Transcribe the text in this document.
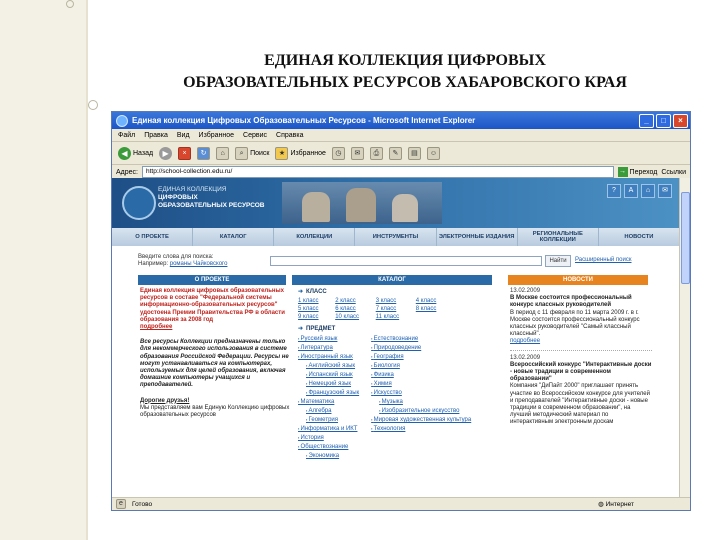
ЕДИНАЯ КОЛЛЕКЦИЯ ЦИФРОВЫХ
ОБРАЗОВАТЕЛЬНЫХ РЕСУРСОВ ХАБАРОВСКОГО КРАЯ
Единая коллекция Цифровых Образовательных Ресурсов - Microsoft Internet Explorer	_	□	×
Файл Правка Вид Избранное Сервис Справка
◀ Назад	▶	×	↻	⌂	⌕ Поиск	★ Избранное	◷	✉	⎙	✎	▤	☺
Адрес:	http://school-collection.edu.ru/	→ Переход Ссылки
ЕДИНАЯ КОЛЛЕКЦИЯ
ЦИФРОВЫХ
ОБРАЗОВАТЕЛЬНЫХ РЕСУРСОВ
?	A	⌂	✉
О ПРОЕКТЕ	КАТАЛОГ	КОЛЛЕКЦИИ	ИНСТРУМЕНТЫ	ЭЛЕКТРОННЫЕ ИЗДАНИЯ
РЕГИОНАЛЬНЫЕ КОЛЛЕКЦИИ
НОВОСТИ
Введите слова для поиска:
Например: романы Чайковского	Найти	Расширенный поиск
О ПРОЕКТЕ	КАТАЛОГ	НОВОСТИ
Единая коллекция цифровых образовательных ресурсов в составе "Федеральной системы информационно-образовательных ресурсов" удостоена Премии Правительства РФ в области образования за 2008 год
подробнее
Все ресурсы Коллекции предназначены только для некоммерческого использования в системе образования Российской Федерации. Ресурсы не могут устанавливаться на компьютерах, используемых для целей образования, включая домашние компьютеры учащихся и преподавателей.
Дорогие друзья!
Мы представляем вам Единую Коллекцию цифровых образовательных ресурсов
➜ КЛАСС
1 класс	2 класс	3 класс	4 класс
5 класс	6 класс	7 класс	8 класс
9 класс	10 класс	11 класс
➜ ПРЕДМЕТ
▪ Русский язык
▪ Литература
▪ Иностранный язык
▪ Английский язык
▪ Испанский язык
▪ Немецкий язык
▪ Французский язык
▪ Математика
▪ Алгебра
▪ Геометрия
▪ Информатика и ИКТ
▪ История
▪ Обществознание
▪ Экономика
▪ Естествознание
▪ Природоведение
▪ География
▪ Биология
▪ Физика
▪ Химия
▪ Искусство
▪ Музыка
▪ Изобразительное искусство
▪ Мировая художественная культура
▪ Технология
13.02.2009
В Москве состоится профессиональный конкурс классных руководителей
В период с 11 февраля по 11 марта 2009 г. в г. Москве состоится профессиональный конкурс классных руководителей "Самый классный классный".
подробнее
13.02.2009
Всероссийский конкурс "Интерактивные доски - новые традиции в современном образовании"
Компания "ДиПайт 2000" приглашает принять участие во Всероссийском конкурсе для учителей и преподавателей "Интерактивные доски - новые традиции в современном образовании", на лучший методический материал по интерактивным электронным доскам
e	Готово	◍ Интернет
